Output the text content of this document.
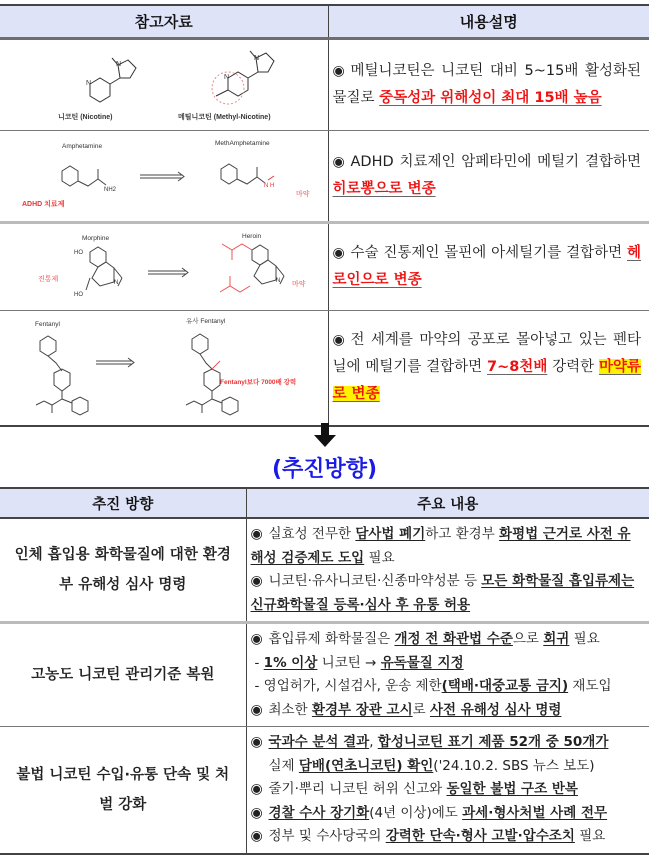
참고자료	내용설명

N
N
N
N
니코틴 (Nicotine)	메틸니코틴 (Methyl-Nicotine)
	◉ 메틸니코틴은 니코틴 대비 5~15배 활성화된 물질로 중독성과 위해성이 최대 15배 높음

Amphetamine	MethAmphetamine
NH2
N H
ADHD 치료제
마약
	◉ ADHD 치료제인 암페타민에 메틸기 결합하면 히로뽕으로 변종

Morphine	Heroin
HO
HO
N	N
진통제
마약
	◉ 수술 진통제인 몰핀에 아세틸기를 결합하면 헤로인으로 변종

Fentanyl 유사 Fentanyl
Fentanyl보다 7000배 강력	◉ 전 세계를 마약의 공포로 몰아넣고 있는 펜타닐에 메틸기를 결합하면 7~8천배 강력한 마약류로 변종
(추진방향)
추진 방향	주요 내용
인체 흡입용 화학물질에 대한 환경부 유해성 심사 명령	◉ 실효성 전무한 담사법 폐기하고 환경부 화평법 근거로 사전 유해성 검증제도 도입 필요
◉ 니코틴·유사니코틴·신종마약성분 등 모든 화학물질 흡입류제는 신규화학물질 등록·심사 후 유통 허용

고농도 니코틴 관리기준 복원	◉ 흡입류제 화학물질은 개정 전 화관법 수준으로 회귀 필요
- 1% 이상 니코틴 → 유독물질 지정
- 영업허가, 시설검사, 운송 제한(택배·대중교통 금지) 재도입
◉ 최소한 환경부 장관 고시로 사전 유해성 심사 명령

불법 니코틴 수입·유통 단속 및 처벌 강화	◉ 국과수 분석 결과, 합성니코틴 표기 제품 52개 중 50개가
실제 담배(연초니코틴) 확인('24.10.2. SBS 뉴스 보도)
◉ 줄기·뿌리 니코틴 허위 신고와 동일한 불법 구조 반복
◉ 경찰 수사 장기화(4년 이상)에도 과세·형사처벌 사례 전무
◉ 정부 및 수사당국의 강력한 단속·형사 고발·압수조치 필요
